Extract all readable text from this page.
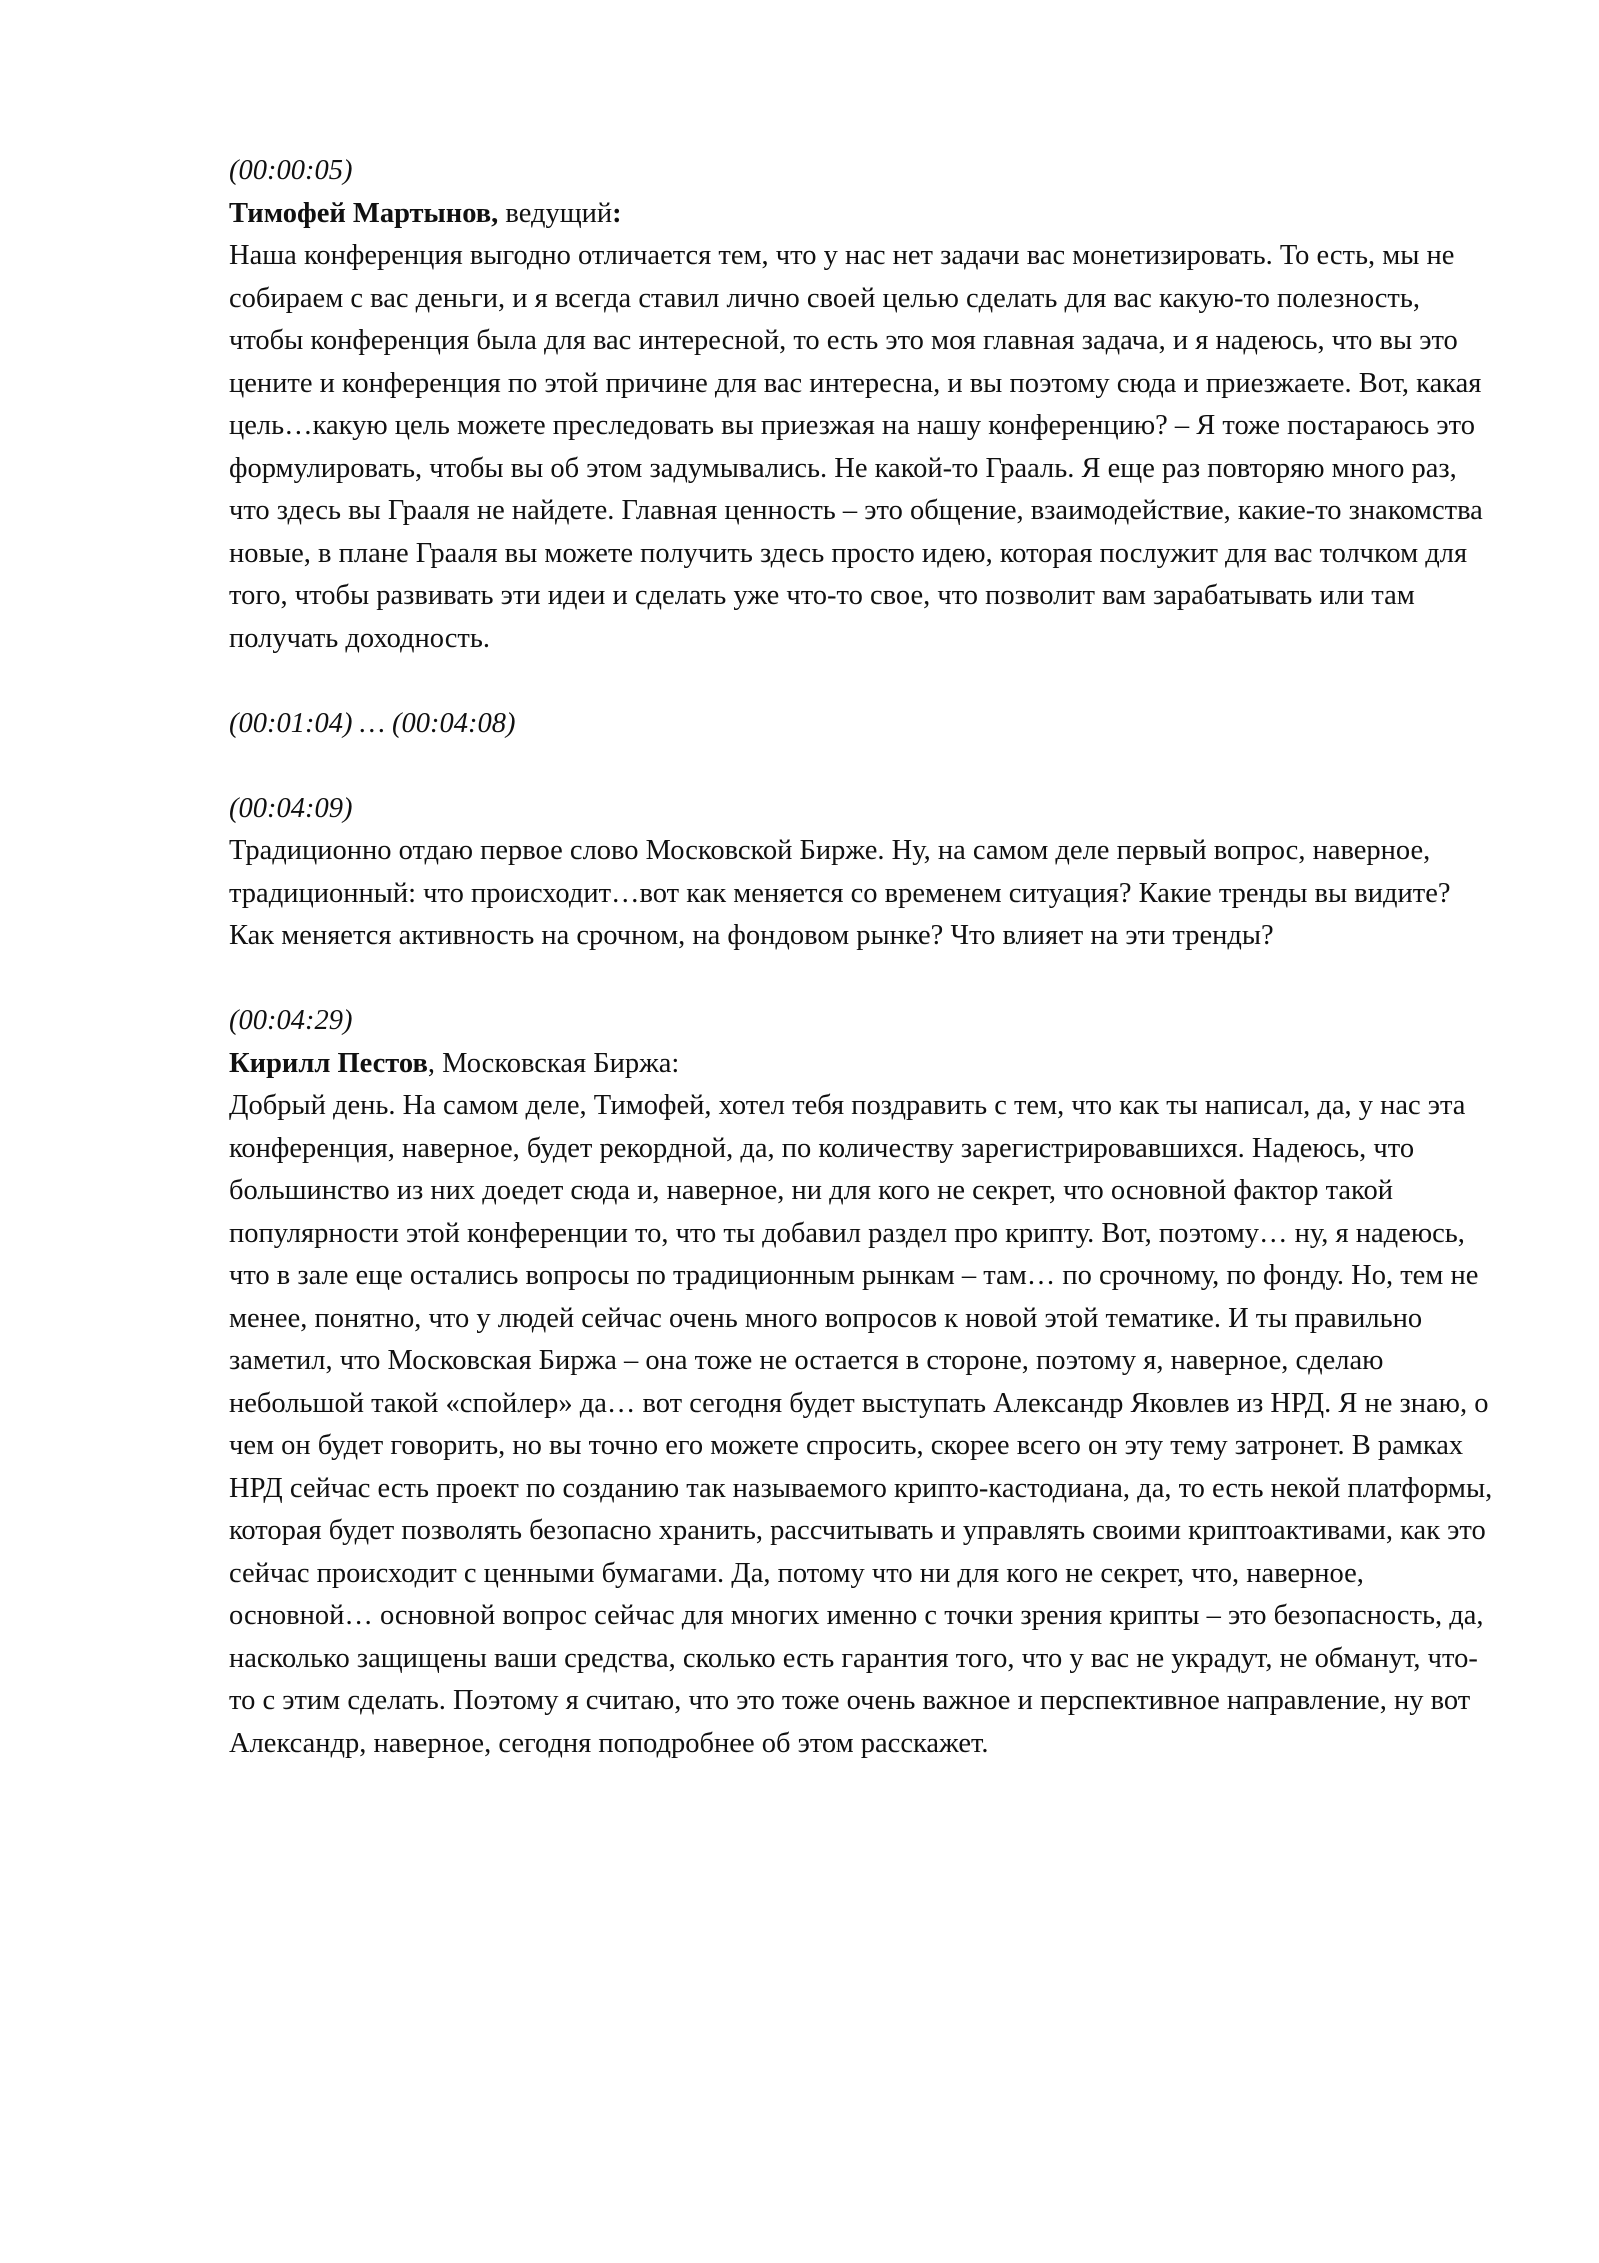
(00:00:05)
Тимофей Мартынов, ведущий:
Наша конференция выгодно отличается тем, что у нас нет задачи вас монетизировать. То есть, мы не собираем с вас деньги, и я всегда ставил лично своей целью сделать для вас какую-то полезность, чтобы конференция была для вас интересной, то есть это моя главная задача, и я надеюсь, что вы это цените и конференция по этой причине для вас интересна, и вы поэтому сюда и приезжаете. Вот, какая цель…какую цель можете преследовать вы приезжая на нашу конференцию? – Я тоже постараюсь это формулировать, чтобы вы об этом задумывались. Не какой-то Грааль. Я еще раз повторяю много раз, что здесь вы Грааля не найдете. Главная ценность – это общение, взаимодействие, какие-то знакомства новые, в плане Грааля вы можете получить здесь просто идею, которая послужит для вас толчком для того, чтобы развивать эти идеи и сделать уже что-то свое, что позволит вам зарабатывать или там получать доходность.
(00:01:04) … (00:04:08)
(00:04:09)
Традиционно отдаю первое слово Московской Бирже. Ну, на самом деле первый вопрос, наверное, традиционный: что происходит…вот как меняется со временем ситуация? Какие тренды вы видите? Как меняется активность на срочном, на фондовом рынке? Что влияет на эти тренды?
(00:04:29)
Кирилл Пестов, Московская Биржа:
Добрый день. На самом деле, Тимофей, хотел тебя поздравить с тем, что как ты написал, да, у нас эта конференция, наверное, будет рекордной, да, по количеству зарегистрировавшихся. Надеюсь, что большинство из них доедет сюда и, наверное, ни для кого не секрет, что основной фактор такой популярности этой конференции то, что ты добавил раздел про крипту. Вот, поэтому… ну, я надеюсь, что в зале еще остались вопросы по традиционным рынкам – там… по срочному, по фонду. Но, тем не менее, понятно, что у людей сейчас очень много вопросов к новой этой тематике. И ты правильно заметил, что Московская Биржа – она тоже не остается в стороне, поэтому я, наверное, сделаю небольшой такой «спойлер» да… вот сегодня будет выступать Александр Яковлев из НРД. Я не знаю, о чем он будет говорить, но вы точно его можете спросить, скорее всего он эту тему затронет. В рамках НРД сейчас есть проект по созданию так называемого крипто-кастодиана, да, то есть некой платформы, которая будет позволять безопасно хранить, рассчитывать и управлять своими криптоактивами, как это сейчас происходит с ценными бумагами. Да, потому что ни для кого не секрет, что, наверное, основной… основной вопрос сейчас для многих именно с точки зрения крипты – это безопасность, да, насколько защищены ваши средства, сколько есть гарантия того, что у вас не украдут, не обманут, что-то с этим сделать. Поэтому я считаю, что это тоже очень важное и перспективное направление, ну вот Александр, наверное, сегодня поподробнее об этом расскажет.
